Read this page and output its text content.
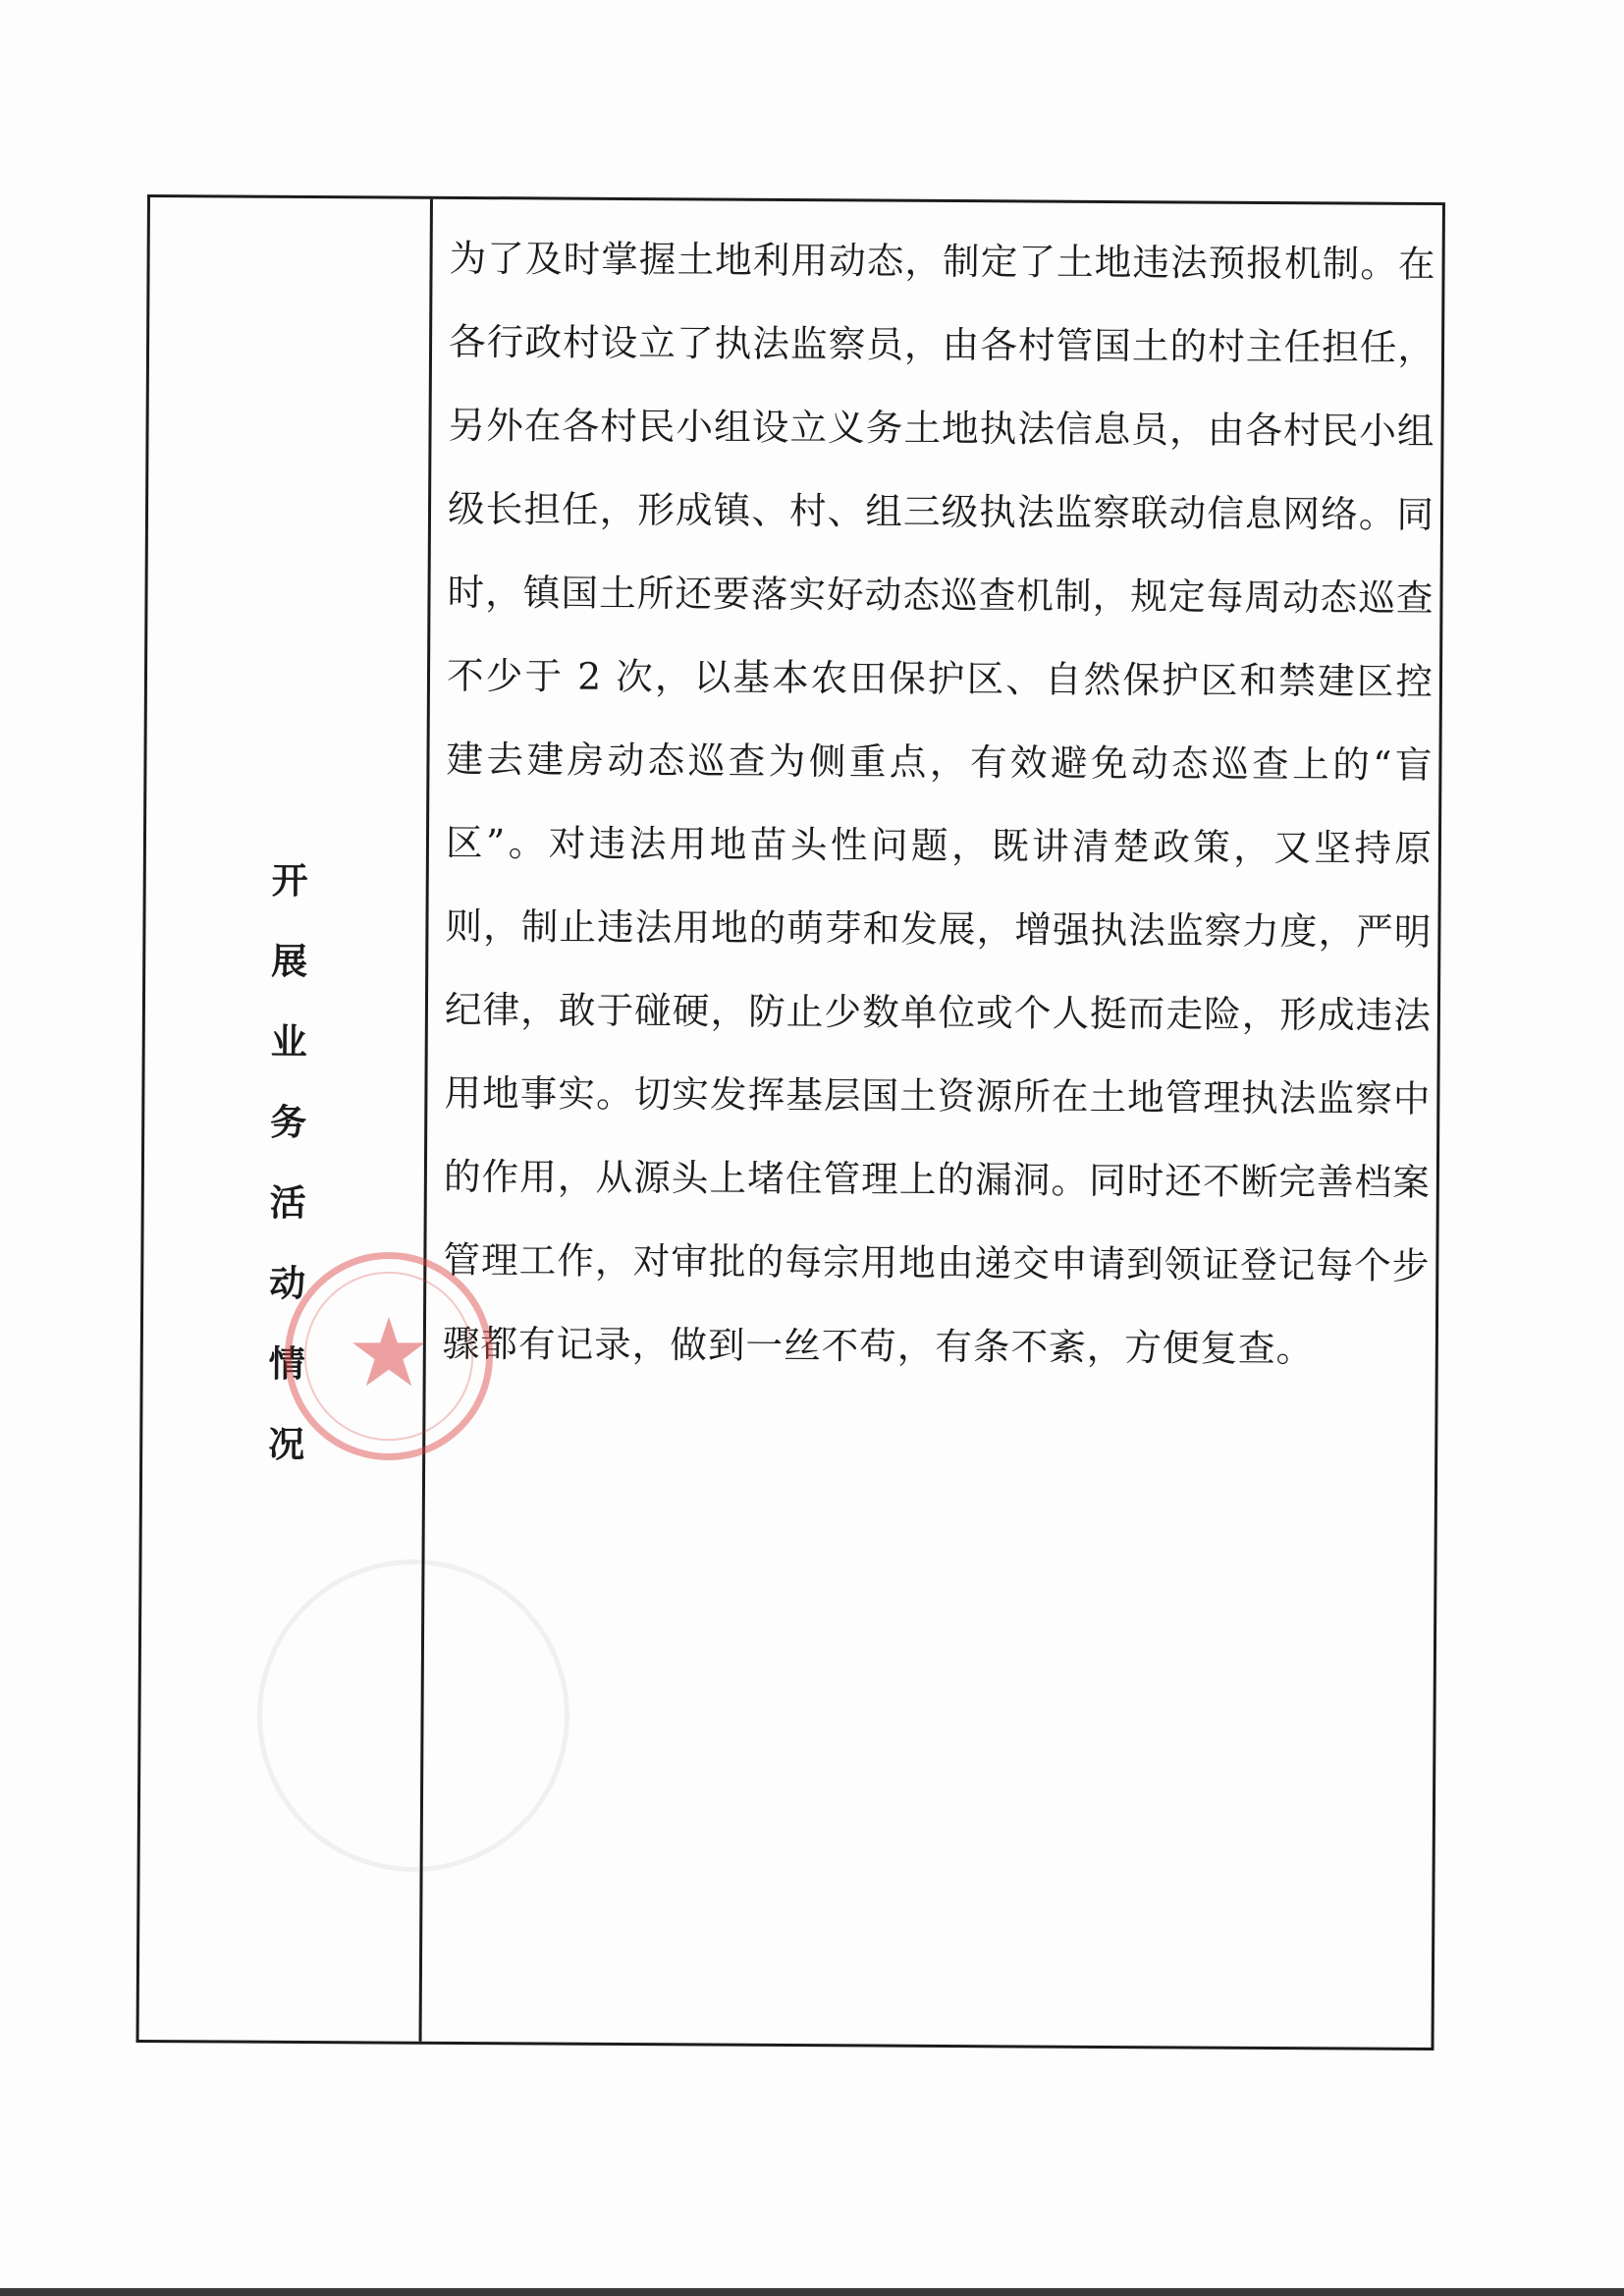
开展业务活动情况

为了及时掌握土地利用动态，制定了土地违法预报机制。在各行政村设立了执法监察员，由各村管国土的村主任担任，另外在各村民小组设立义务土地执法信息员，由各村民小组级长担任，形成镇、村、组三级执法监察联动信息网络。同时，镇国土所还要落实好动态巡查机制，规定每周动态巡查不少于 2 次，以基本农田保护区、自然保护区和禁建区控建去建房动态巡查为侧重点，有效避免动态巡查上的“盲区”。对违法用地苗头性问题，既讲清楚政策，又坚持原则，制止违法用地的萌芽和发展，增强执法监察力度，严明纪律，敢于碰硬，防止少数单位或个人挺而走险，形成违法用地事实。切实发挥基层国土资源所在土地管理执法监察中的作用，从源头上堵住管理上的漏洞。同时还不断完善档案管理工作，对审批的每宗用地由递交申请到领证登记每个步骤都有记录，做到一丝不苟，有条不紊，方便复查。
